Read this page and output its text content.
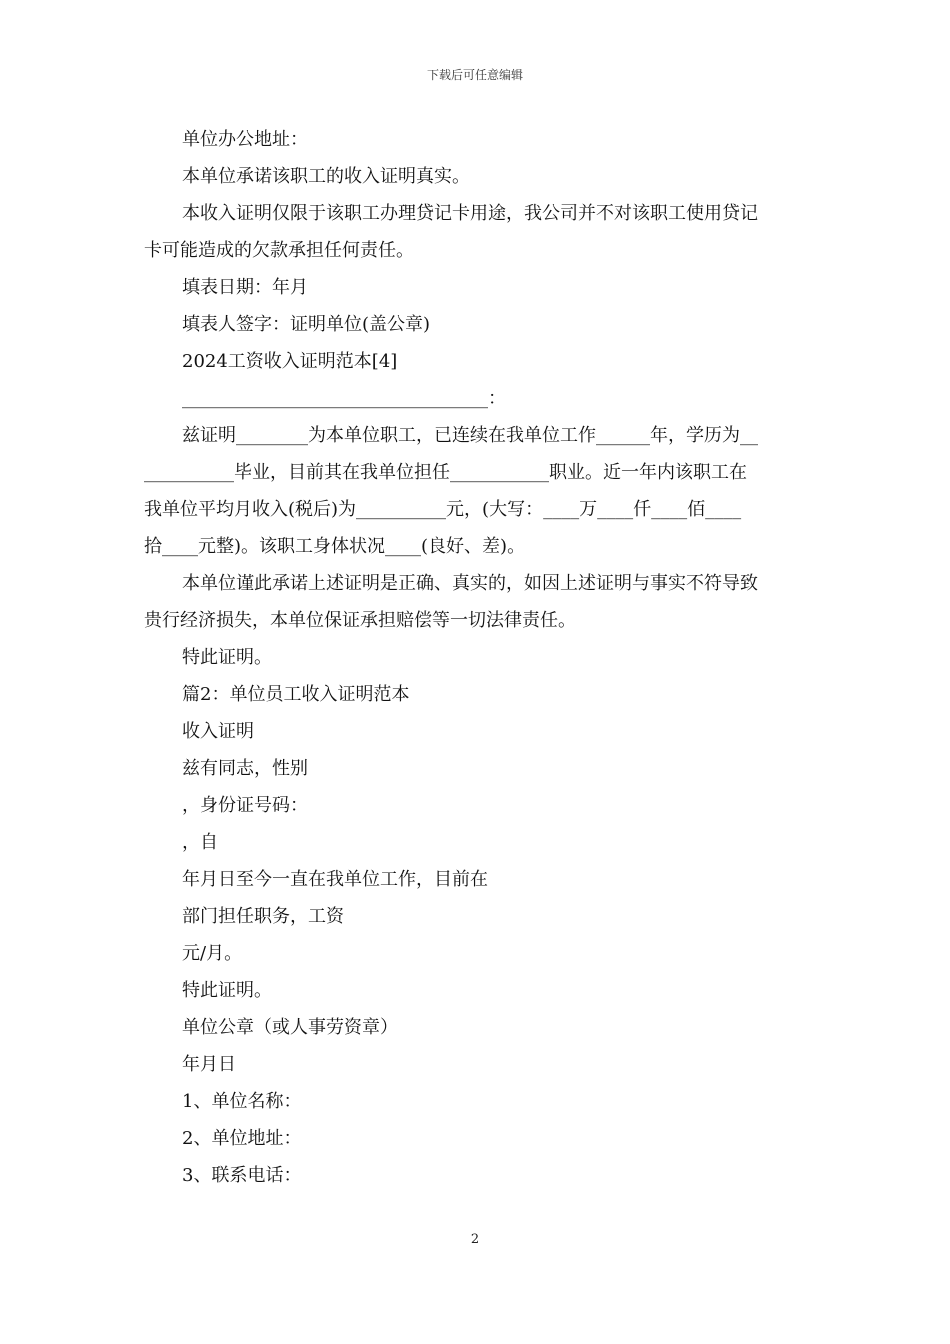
下载后可任意编辑
单位办公地址：
本单位承诺该职工的收入证明真实。
本收入证明仅限于该职工办理贷记卡用途，我公司并不对该职工使用贷记
卡可能造成的欠款承担任何责任。
填表日期：年月
填表人签字：证明单位(盖公章)
2024工资收入证明范本[4]
__________________________________：
兹证明________为本单位职工，已连续在我单位工作______年，学历为__
__________毕业，目前其在我单位担任___________职业。近一年内该职工在
我单位平均月收入(税后)为__________元，(大写：____万____仟____佰____
拾____元整)。该职工身体状况____(良好、差)。
本单位谨此承诺上述证明是正确、真实的，如因上述证明与事实不符导致
贵行经济损失，本单位保证承担赔偿等一切法律责任。
特此证明。
篇2：单位员工收入证明范本
收入证明
兹有同志，性别
，身份证号码：
，自
年月日至今一直在我单位工作，目前在
部门担任职务，工资
元/月。
特此证明。
单位公章（或人事劳资章）
年月日
1、单位名称：
2、单位地址：
3、联系电话：
2
